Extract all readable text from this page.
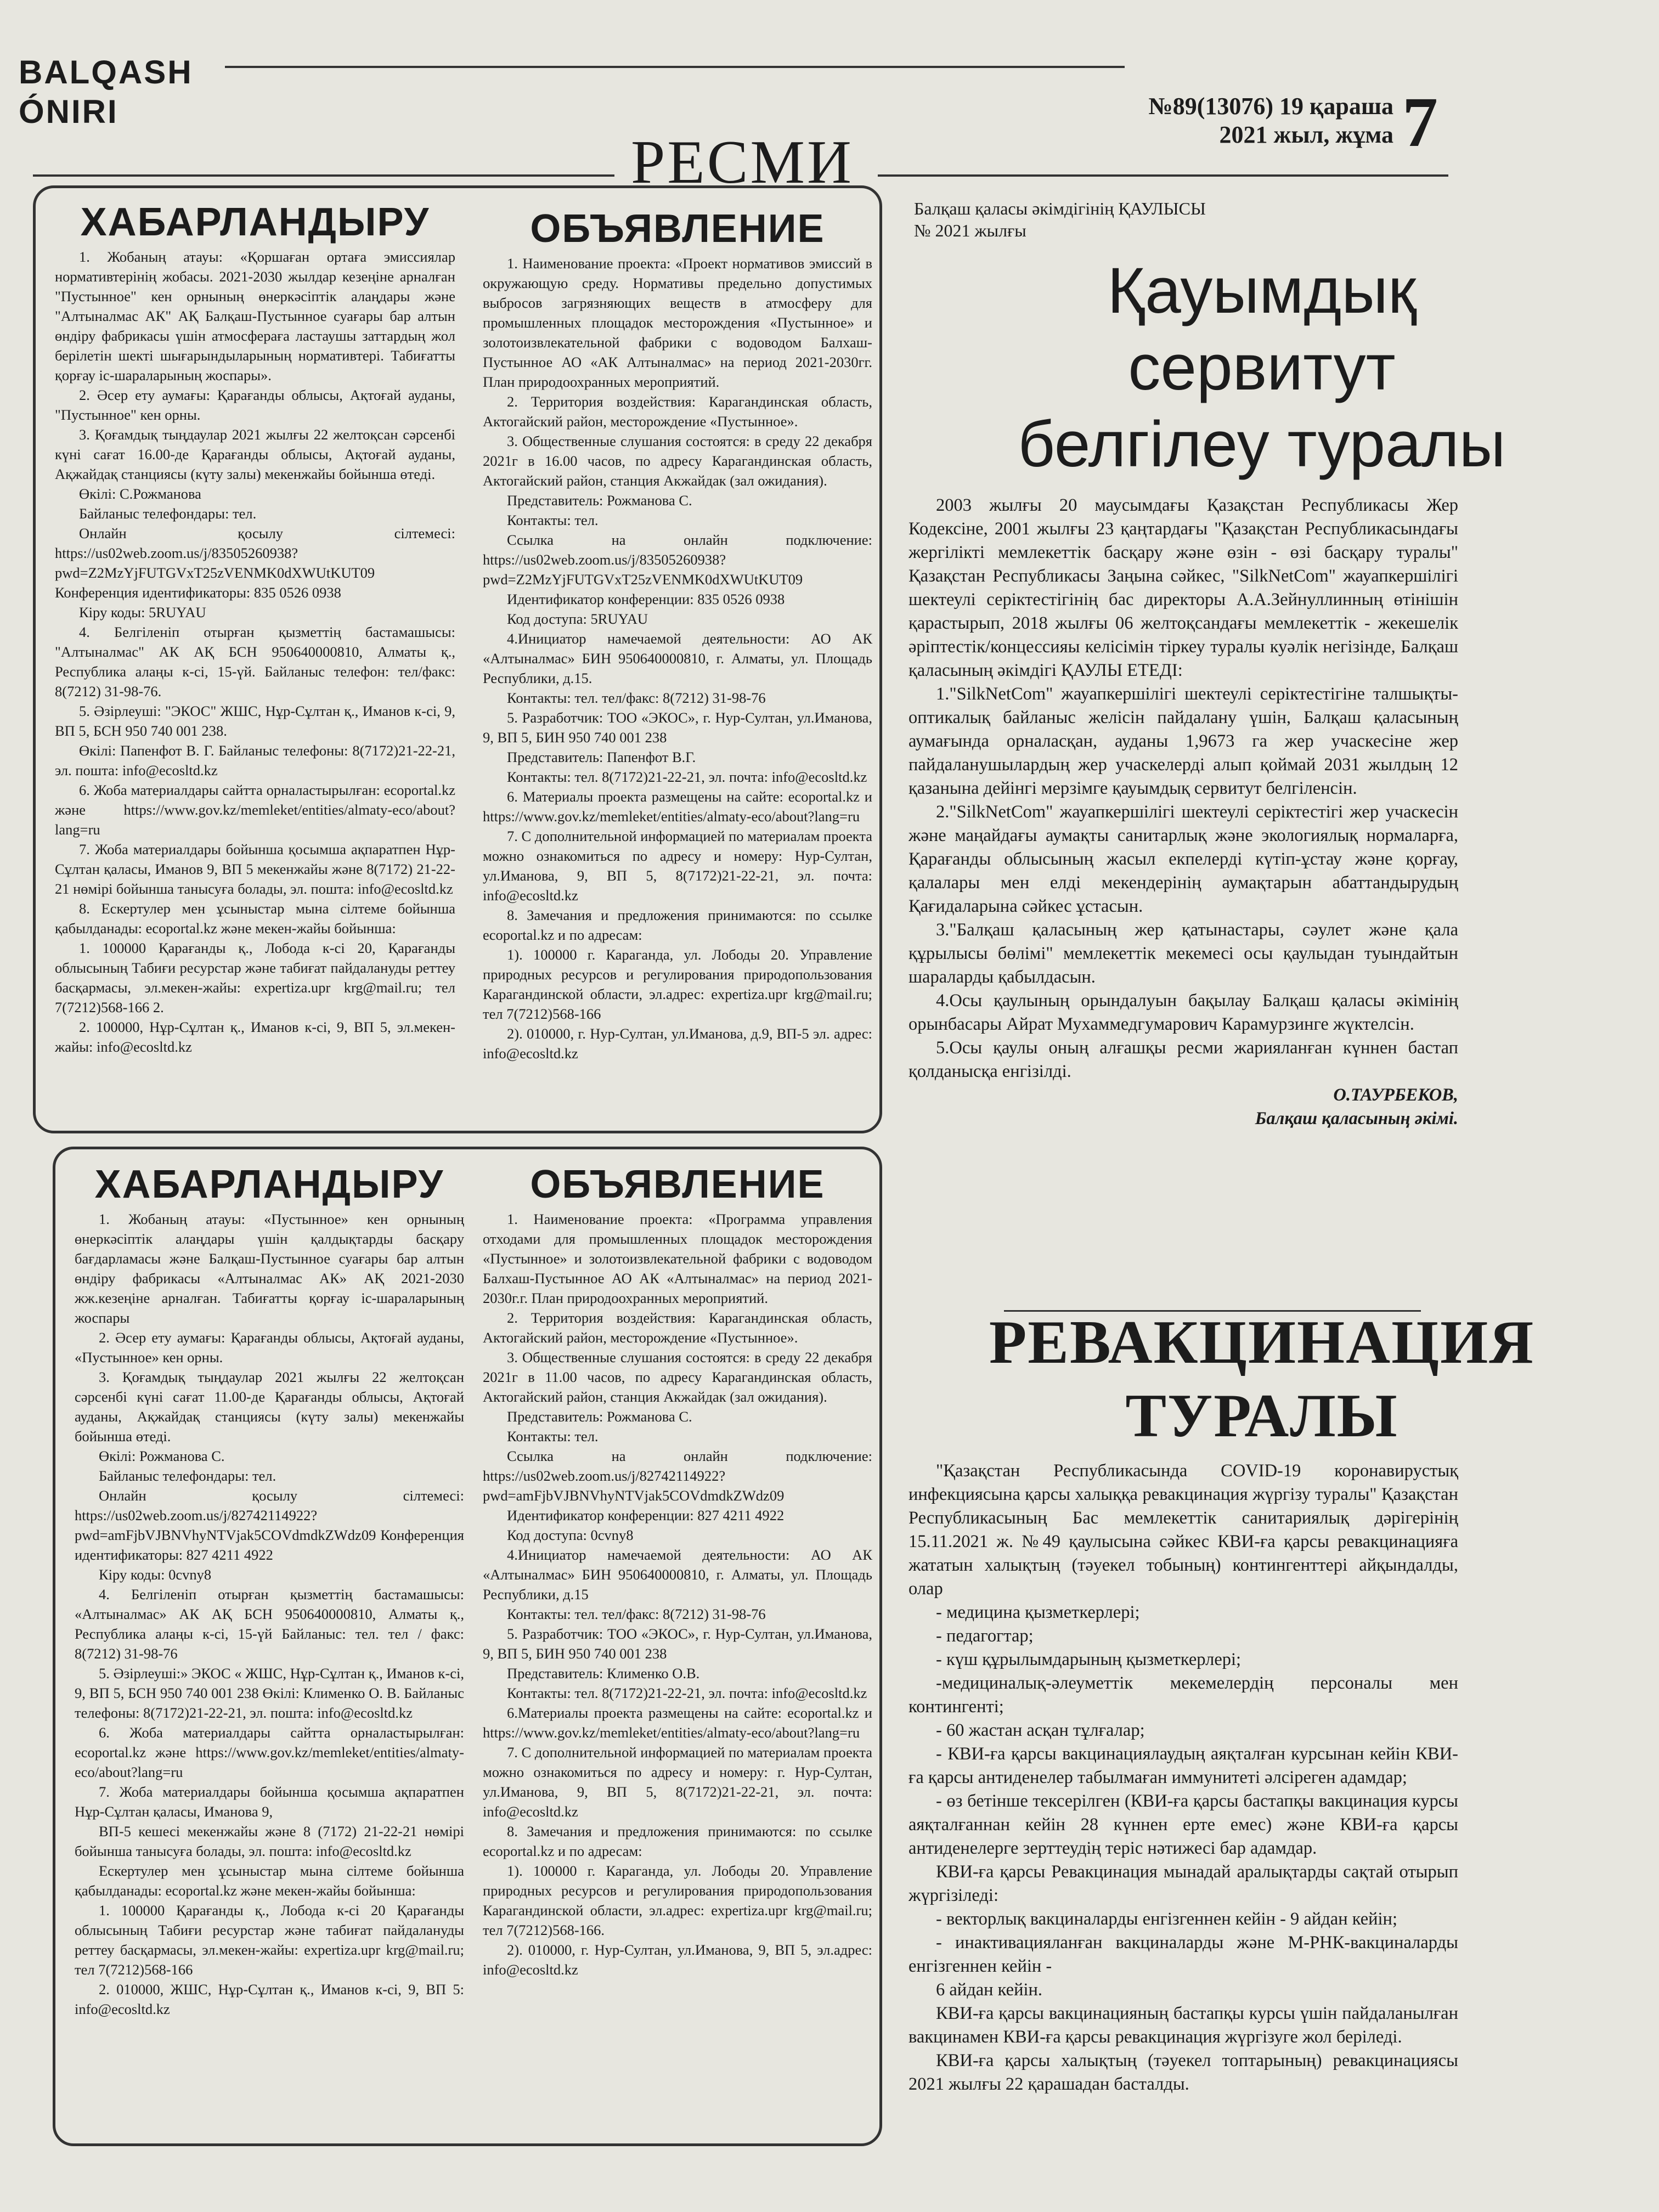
BALQASH
ÓNIRI	№89(13076) 19 қараша
2021 жыл, жұма 7
РЕСМИ
ХАБАРЛАНДЫРУ

1. Жобаның атауы: «Қоршаған ортаға эмиссиялар нормативтерінің жобасы. 2021-2030 жылдар кезеңіне арналған "Пустынное" кен орнының өнеркәсіптік алаңдары және "Алтыналмас АК" АҚ Балқаш-Пустынное суағары бар алтын өндіру фабрикасы үшін атмосфераға ластаушы заттардың жол берілетін шекті шығарындыларының нормативтері. Табиғатты қорғау іс-шараларының жоспары».

2. Әсер ету аумағы: Қарағанды облысы, Ақтоғай ауданы, "Пустынное" кен орны.

3. Қоғамдық тыңдаулар 2021 жылғы 22 желтоқсан сәрсенбі күні сағат 16.00-де Қарағанды облысы, Ақтоғай ауданы, Ақжайдақ станциясы (күту залы) мекенжайы бойынша өтеді.

Өкілі: С.Рожманова

Байланыс телефондары: тел.

Онлайн қосылу сілтемесі: https://us02web.zoom.us/j/83505260938?pwd=Z2MzYjFUTGVxT25zVENMK0dXWUtKUT09 Конференция идентификаторы: 835 0526 0938

Кіру коды: 5RUYAU

4. Белгіленіп отырған қызметтің бастамашысы: "Алтыналмас" АК АҚ БСН 950640000810, Алматы қ., Республика алаңы к-сі, 15-үй. Байланыс телефон: тел/факс: 8(7212) 31-98-76.

5. Әзірлеуші: "ЭКОС" ЖШС, Нұр-Сұлтан қ., Иманов к-сі, 9, ВП 5, БСН 950 740 001 238.

Өкілі: Папенфот В. Г. Байланыс телефоны: 8(7172)21-22-21, эл. пошта: info@ecosltd.kz

6. Жоба материалдары сайтта орналастырылған: ecoportal.kz және https://www.gov.kz/memleket/entities/almaty-eco/about?lang=ru

7. Жоба материалдары бойынша қосымша ақпаратпен Нұр-Сұлтан қаласы, Иманов 9, ВП 5 мекенжайы және 8(7172) 21-22-21 нөмірі бойынша танысуға болады, эл. пошта: info@ecosltd.kz

8. Ескертулер мен ұсыныстар мына сілтеме бойынша қабылданады: ecoportal.kz және мекен-жайы бойынша:

1. 100000 Қарағанды қ., Лобода к-сі 20, Қарағанды облысының Табиғи ресурстар және табиғат пайдалануды реттеу басқармасы, эл.мекен-жайы: expertiza.upr krg@mail.ru; тел 7(7212)568-166 2.

2. 100000, Нұр-Сұлтан қ., Иманов к-сі, 9, ВП 5, эл.мекен-жайы: info@ecosltd.kz

ОБЪЯВЛЕНИЕ

1. Наименование проекта: «Проект нормативов эмиссий в окружающую среду. Нормативы предельно допустимых выбросов загрязняющих веществ в атмосферу для промышленных площадок месторождения «Пустынное» и золотоизвлекательной фабрики с водоводом Балхаш-Пустынное АО «АК Алтыналмас» на период 2021-2030гг. План природоохранных мероприятий.

2. Территория воздействия: Карагандинская область, Актогайский район, месторождение «Пустынное».

3. Общественные слушания состоятся: в среду 22 декабря 2021г в 16.00 часов, по адресу Карагандинская область, Актогайский район, станция Акжайдак (зал ожидания).

Представитель: Рожманова С.

Контакты: тел.

Ссылка на онлайн подключение: https://us02web.zoom.us/j/83505260938?pwd=Z2MzYjFUTGVxT25zVENMK0dXWUtKUT09

Идентификатор конференции: 835 0526 0938

Код доступа: 5RUYAU

4.Инициатор намечаемой деятельности: АО АК «Алтыналмас» БИН 950640000810, г. Алматы, ул. Площадь Республики, д.15.

Контакты: тел. тел/факс: 8(7212) 31-98-76

5. Разработчик: ТОО «ЭКОС», г. Нур-Султан, ул.Иманова, 9, ВП 5, БИН 950 740 001 238

Представитель: Папенфот В.Г.

Контакты: тел. 8(7172)21-22-21, эл. почта: info@ecosltd.kz

6. Материалы проекта размещены на сайте: ecoportal.kz и https://www.gov.kz/memleket/entities/almaty-eco/about?lang=ru

7. С дополнительной информацией по материалам проекта можно ознакомиться по адресу и номеру: Нур-Султан, ул.Иманова, 9, ВП 5, 8(7172)21-22-21, эл. почта: info@ecosltd.kz

8. Замечания и предложения принимаются: по ссылке ecoportal.kz и по адресам:

1). 100000 г. Караганда, ул. Лободы 20. Управление природных ресурсов и регулирования природопользования Карагандинской области, эл.адрес: expertiza.upr krg@mail.ru; тел 7(7212)568-166

2). 010000, г. Нур-Султан, ул.Иманова, д.9, ВП-5 эл. адрес: info@ecosltd.kz

ХАБАРЛАНДЫРУ

1. Жобаның атауы: «Пустынное» кен орнының өнеркәсіптік алаңдары үшін қалдықтарды басқару бағдарламасы және Балқаш-Пустынное суағары бар алтын өндіру фабрикасы «Алтыналмас АК» АҚ 2021-2030 жж.кезеңіне арналған. Табиғатты қорғау іс-шараларының жоспары

2. Әсер ету аумағы: Қарағанды облысы, Ақтоғай ауданы, «Пустынное» кен орны.

3. Қоғамдық тыңдаулар 2021 жылғы 22 желтоқсан сәрсенбі күні сағат 11.00-де Қарағанды облысы, Ақтоғай ауданы, Ақжайдақ станциясы (күту залы) мекенжайы бойынша өтеді.

Өкілі: Рожманова С.

Байланыс телефондары: тел.

Онлайн қосылу сілтемесі: https://us02web.zoom.us/j/82742114922?pwd=amFjbVJBNVhyNTVjak5COVdmdkZWdz09 Конференция идентификаторы: 827 4211 4922

Кіру коды: 0cvny8

4. Белгіленіп отырған қызметтің бастамашысы: «Алтыналмас» АК АҚ БСН 950640000810, Алматы қ., Республика алаңы к-сі, 15-үй Байланыс: тел. тел / факс: 8(7212) 31-98-76

5. Әзірлеуші:» ЭКОС « ЖШС, Нұр-Сұлтан қ., Иманов к-сі, 9, ВП 5, БСН 950 740 001 238 Өкілі: Клименко О. В. Байланыс телефоны: 8(7172)21-22-21, эл. пошта: info@ecosltd.kz

6. Жоба материалдары сайтта орналастырылған: ecoportal.kz және https://www.gov.kz/memleket/entities/almaty-eco/about?lang=ru

7. Жоба материалдары бойынша қосымша ақпаратпен Нұр-Сұлтан қаласы, Иманова 9,

ВП-5 кешесі мекенжайы және 8 (7172) 21-22-21 нөмірі бойынша танысуға болады, эл. пошта: info@ecosltd.kz

Ескертулер мен ұсыныстар мына сілтеме бойынша қабылданады: ecoportal.kz және мекен-жайы бойынша:

1. 100000 Қарағанды қ., Лобода к-сі 20 Қарағанды облысының Табиғи ресурстар және табиғат пайдалануды реттеу басқармасы, эл.мекен-жайы: expertiza.upr krg@mail.ru; тел 7(7212)568-166

2. 010000, ЖШС, Нұр-Сұлтан қ., Иманов к-сі, 9, ВП 5: info@ecosltd.kz

ОБЪЯВЛЕНИЕ

1. Наименование проекта: «Программа управления отходами для промышленных площадок месторождения «Пустынное» и золотоизвлекательной фабрики с водоводом Балхаш-Пустынное АО АК «Алтыналмас» на период 2021-2030г.г. План природоохранных мероприятий.

2. Территория воздействия: Карагандинская область, Актогайский район, месторождение «Пустынное».

3. Общественные слушания состоятся: в среду 22 декабря 2021г в 11.00 часов, по адресу Карагандинская область, Актогайский район, станция Акжайдак (зал ожидания).

Представитель: Рожманова С.

Контакты: тел.

Ссылка на онлайн подключение: https://us02web.zoom.us/j/82742114922?pwd=amFjbVJBNVhyNTVjak5COVdmdkZWdz09

Идентификатор конференции: 827 4211 4922

Код доступа: 0cvny8

4.Инициатор намечаемой деятельности: АО АК «Алтыналмас» БИН 950640000810, г. Алматы, ул. Площадь Республики, д.15

Контакты: тел. тел/факс: 8(7212) 31-98-76

5. Разработчик: ТОО «ЭКОС», г. Нур-Султан, ул.Иманова, 9, ВП 5, БИН 950 740 001 238

Представитель: Клименко О.В.

Контакты: тел. 8(7172)21-22-21, эл. почта: info@ecosltd.kz

6.Материалы проекта размещены на сайте: ecoportal.kz и https://www.gov.kz/memleket/entities/almaty-eco/about?lang=ru

7. С дополнительной информацией по материалам проекта можно ознакомиться по адресу и номеру: г. Нур-Султан, ул.Иманова, 9, ВП 5, 8(7172)21-22-21, эл. почта: info@ecosltd.kz

8. Замечания и предложения принимаются: по ссылке ecoportal.kz и по адресам:

1). 100000 г. Караганда, ул. Лободы 20. Управление природных ресурсов и регулирования природопользования Карагандинской области, эл.адрес: expertiza.upr krg@mail.ru; тел 7(7212)568-166.

2). 010000, г. Нур-Султан, ул.Иманова, 9, ВП 5, эл.адрес: info@ecosltd.kz

Балқаш қаласы әкімдігінің ҚАУЛЫСЫ
№ 2021 жылғы
Қауымдық
сервитут
белгілеу туралы

2003 жылғы 20 маусымдағы Қазақстан Республикасы Жер Кодексіне, 2001 жылғы 23 қаңтардағы "Қазақстан Республикасындағы жергілікті мемлекеттік басқару және өзін - өзі басқару туралы" Қазақстан Республикасы Заңына сәйкес, "SilkNetCom" жауапкершілігі шектеулі серіктестігінің бас директоры А.А.Зейнуллинның өтінішін қарастырып, 2018 жылғы 06 желтоқсандағы мемлекеттік - жекешелік әріптестік/концессияы келісімін тіркеу туралы куәлік негізінде, Балқаш қаласының әкімдігі ҚАУЛЫ ЕТЕДІ:

1."SilkNetCom" жауапкершілігі шектеулі серіктестігіне талшықты-оптикалық байланыс желісін пайдалану үшін, Балқаш қаласының аумағында орналасқан, ауданы 1,9673 га жер учаскесіне жер пайдаланушылардың жер учаскелерді алып қоймай 2031 жылдың 12 қазанына дейінгі мерзімге қауымдық сервитут белгіленсін.

2."SilkNetCom" жауапкершілігі шектеулі серіктестігі жер учаскесін және маңайдағы аумақты санитарлық және экологиялық нормаларға, Қарағанды облысының жасыл екпелерді күтіп-ұстау және қорғау, қалалары мен елді мекендерінің аумақтарын абаттандырудың Қағидаларына сәйкес ұстасын.

3."Балқаш қаласының жер қатынастары, сәулет және қала құрылысы бөлімі" мемлекеттік мекемесі осы қаулыдан туындайтын шараларды қабылдасын.

4.Осы қаулының орындалуын бақылау Балқаш қаласы әкімінің орынбасары Айрат Мухаммедгумарович Карамурзинге жүктелсін.

5.Осы қаулы оның алғашқы ресми жарияланған күннен бастап қолданысқа енгізілді.

О.ТАУРБЕКОВ,

Балқаш қаласының әкімі.

РЕВАКЦИНАЦИЯ
ТУРАЛЫ

"Қазақстан Республикасында COVID-19 коронавирустық инфекциясына қарсы халыққа ревакцинация жүргізу туралы" Қазақстан Республикасының Бас мемлекеттік санитариялық дәрігерінің 15.11.2021 ж. №49 қаулысына сәйкес КВИ-ға қарсы ревакцинацияға жататын халықтың (тәуекел тобының) контингенттері айқындалды, олар

- медицина қызметкерлері;

- педагогтар;

- күш құрылымдарының қызметкерлері;

-медициналық-әлеуметтік мекемелердің персоналы мен контингенті;

- 60 жастан асқан тұлғалар;

- КВИ-ға қарсы вакцинациялаудың аяқталған курсынан кейін КВИ-ға қарсы антиденелер табылмаған иммунитеті әлсіреген адамдар;

- өз бетінше тексерілген (КВИ-ға қарсы бастапқы вакцинация курсы аяқталғаннан кейін 28 күннен ерте емес) және КВИ-ға қарсы антиденелерге зерттеудің теріс нәтижесі бар адамдар.

КВИ-ға қарсы Ревакцинация мынадай аралықтарды сақтай отырып жүргізіледі:

- векторлық вакциналарды енгізгеннен кейін - 9 айдан кейін;

- инактивацияланған вакциналарды және М-РНК-вакциналарды енгізгеннен кейін -

6 айдан кейін.

КВИ-ға қарсы вакцинацияның бастапқы курсы үшін пайдаланылған вакцинамен КВИ-ға қарсы ревакцинация жүргізуге жол беріледі.

КВИ-ға қарсы халықтың (тәуекел топтарының) ревакцинациясы 2021 жылғы 22 қарашадан басталды.
